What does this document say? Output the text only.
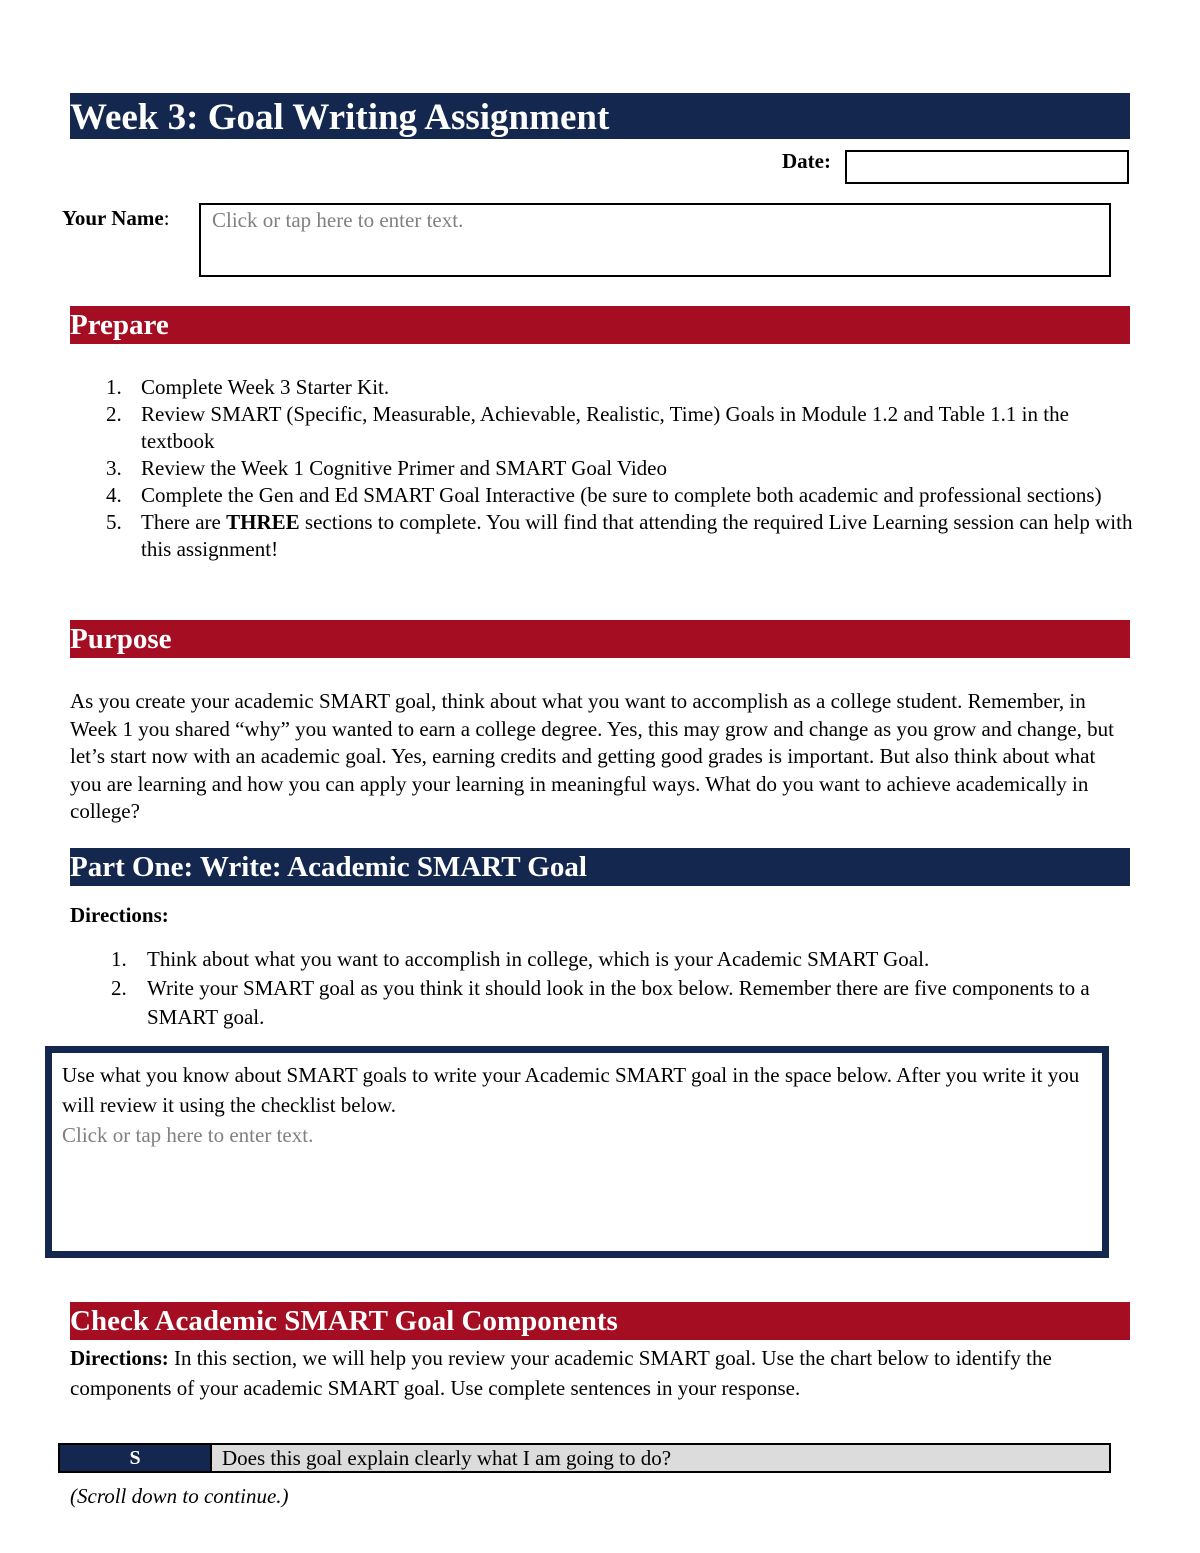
Week 3: Goal Writing Assignment
Date:
Your Name:	Click or tap here to enter text.
Prepare
1. Complete Week 3 Starter Kit.
2. Review SMART (Specific, Measurable, Achievable, Realistic, Time) Goals in Module 1.2 and Table 1.1 in the textbook
3. Review the Week 1 Cognitive Primer and SMART Goal Video
4. Complete the Gen and Ed SMART Goal Interactive (be sure to complete both academic and professional sections)
5. There are THREE sections to complete. You will find that attending the required Live Learning session can help with this assignment!
Purpose
As you create your academic SMART goal, think about what you want to accomplish as a college student. Remember, in Week 1 you shared “why” you wanted to earn a college degree. Yes, this may grow and change as you grow and change, but let’s start now with an academic goal. Yes, earning credits and getting good grades is important. But also think about what you are learning and how you can apply your learning in meaningful ways. What do you want to achieve academically in college?
Part One: Write: Academic SMART Goal
Directions:
1. Think about what you want to accomplish in college, which is your Academic SMART Goal.
2. Write your SMART goal as you think it should look in the box below. Remember there are five components to a SMART goal.
Use what you know about SMART goals to write your Academic SMART goal in the space below. After you write it you will review it using the checklist below.
Click or tap here to enter text.
Check Academic SMART Goal Components
Directions: In this section, we will help you review your academic SMART goal. Use the chart below to identify the components of your academic SMART goal. Use complete sentences in your response.
S	Does this goal explain clearly what I am going to do?
(Scroll down to continue.)
